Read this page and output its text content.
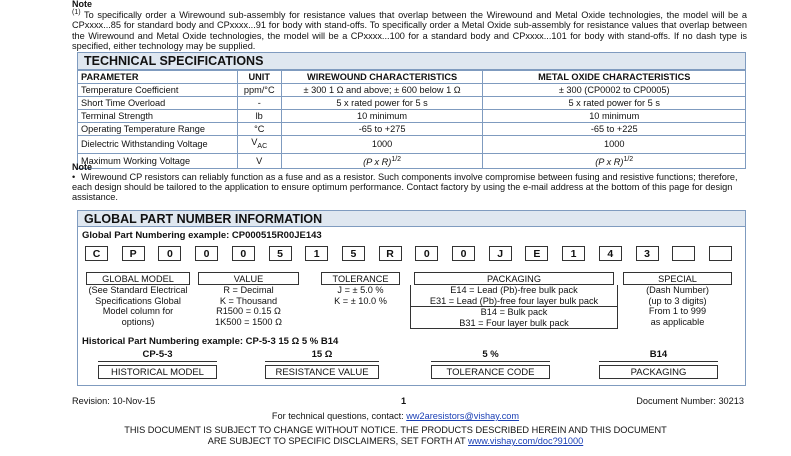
Note
$^{(1)}$ To specifically order a Wirewound sub-assembly for resistance values that overlap between the Wirewound and Metal Oxide technologies, the model will be a CPxxxx...85 for standard body and CPxxxx...91 for body with stand-offs. To specifically order a Metal Oxide sub-assembly for resistance values that overlap between the Wirewound and Metal Oxide technologies, the model will be a CPxxxx...100 for a standard body and CPxxxx...101 for body with stand-offs. If no dash type is specified, either technology may be supplied.
TECHNICAL SPECIFICATIONS
PARAMETER	UNIT	WIREWOUND CHARACTERISTICS	METAL OXIDE CHARACTERISTICS
Temperature Coefficient	ppm/°C	± 300 1 Ω and above; ± 600 below 1 Ω	± 300 (CP0002 to CP0005)
Short Time Overload	-	5 x rated power for 5 s	5 x rated power for 5 s
Terminal Strength	lb	10 minimum	10 minimum
Operating Temperature Range	°C	-65 to +275	-65 to +225
Dielectric Withstanding Voltage	$V_{AC}$	1000	1000
Maximum Working Voltage	V	(P x R)$^{1/2}$	(P x R)$^{1/2}$
Note
• Wirewound CP resistors can reliably function as a fuse and as a resistor. Such components involve compromise between fusing and resistive functions; therefore, each design should be tailored to the application to ensure optimum performance. Contact factory by using the e-mail address at the bottom of this page for design assistance.
GLOBAL PART NUMBER INFORMATION
Global Part Numbering example: CP000515R00JE143
C	P	0	0	0	5	1	5	R	0	0	J	E	1	4	3
GLOBAL MODEL
(See Standard Electrical
Specifications Global
Model column for
options)
VALUE
R = Decimal
K = Thousand
R1500 = 0.15 Ω
1K500 = 1500 Ω
TOLERANCE
J = ± 5.0 %
K = ± 10.0 %
PACKAGING
E14 = Lead (Pb)-free bulk pack
E31 = Lead (Pb)-free four layer bulk pack
B14 = Bulk pack
B31 = Four layer bulk pack
SPECIAL
(Dash Number)
(up to 3 digits)
From 1 to 999
as applicable
Historical Part Numbering example: CP-5-3 15 Ω 5 % B14
CP-5-3	15 Ω	5 %	B14
HISTORICAL MODEL	RESISTANCE VALUE	TOLERANCE CODE	PACKAGING
Revision: 10-Nov-15	1	Document Number: 30213
For technical questions, contact: ww2aresistors@vishay.com
THIS DOCUMENT IS SUBJECT TO CHANGE WITHOUT NOTICE. THE PRODUCTS DESCRIBED HEREIN AND THIS DOCUMENT
ARE SUBJECT TO SPECIFIC DISCLAIMERS, SET FORTH AT www.vishay.com/doc?91000
